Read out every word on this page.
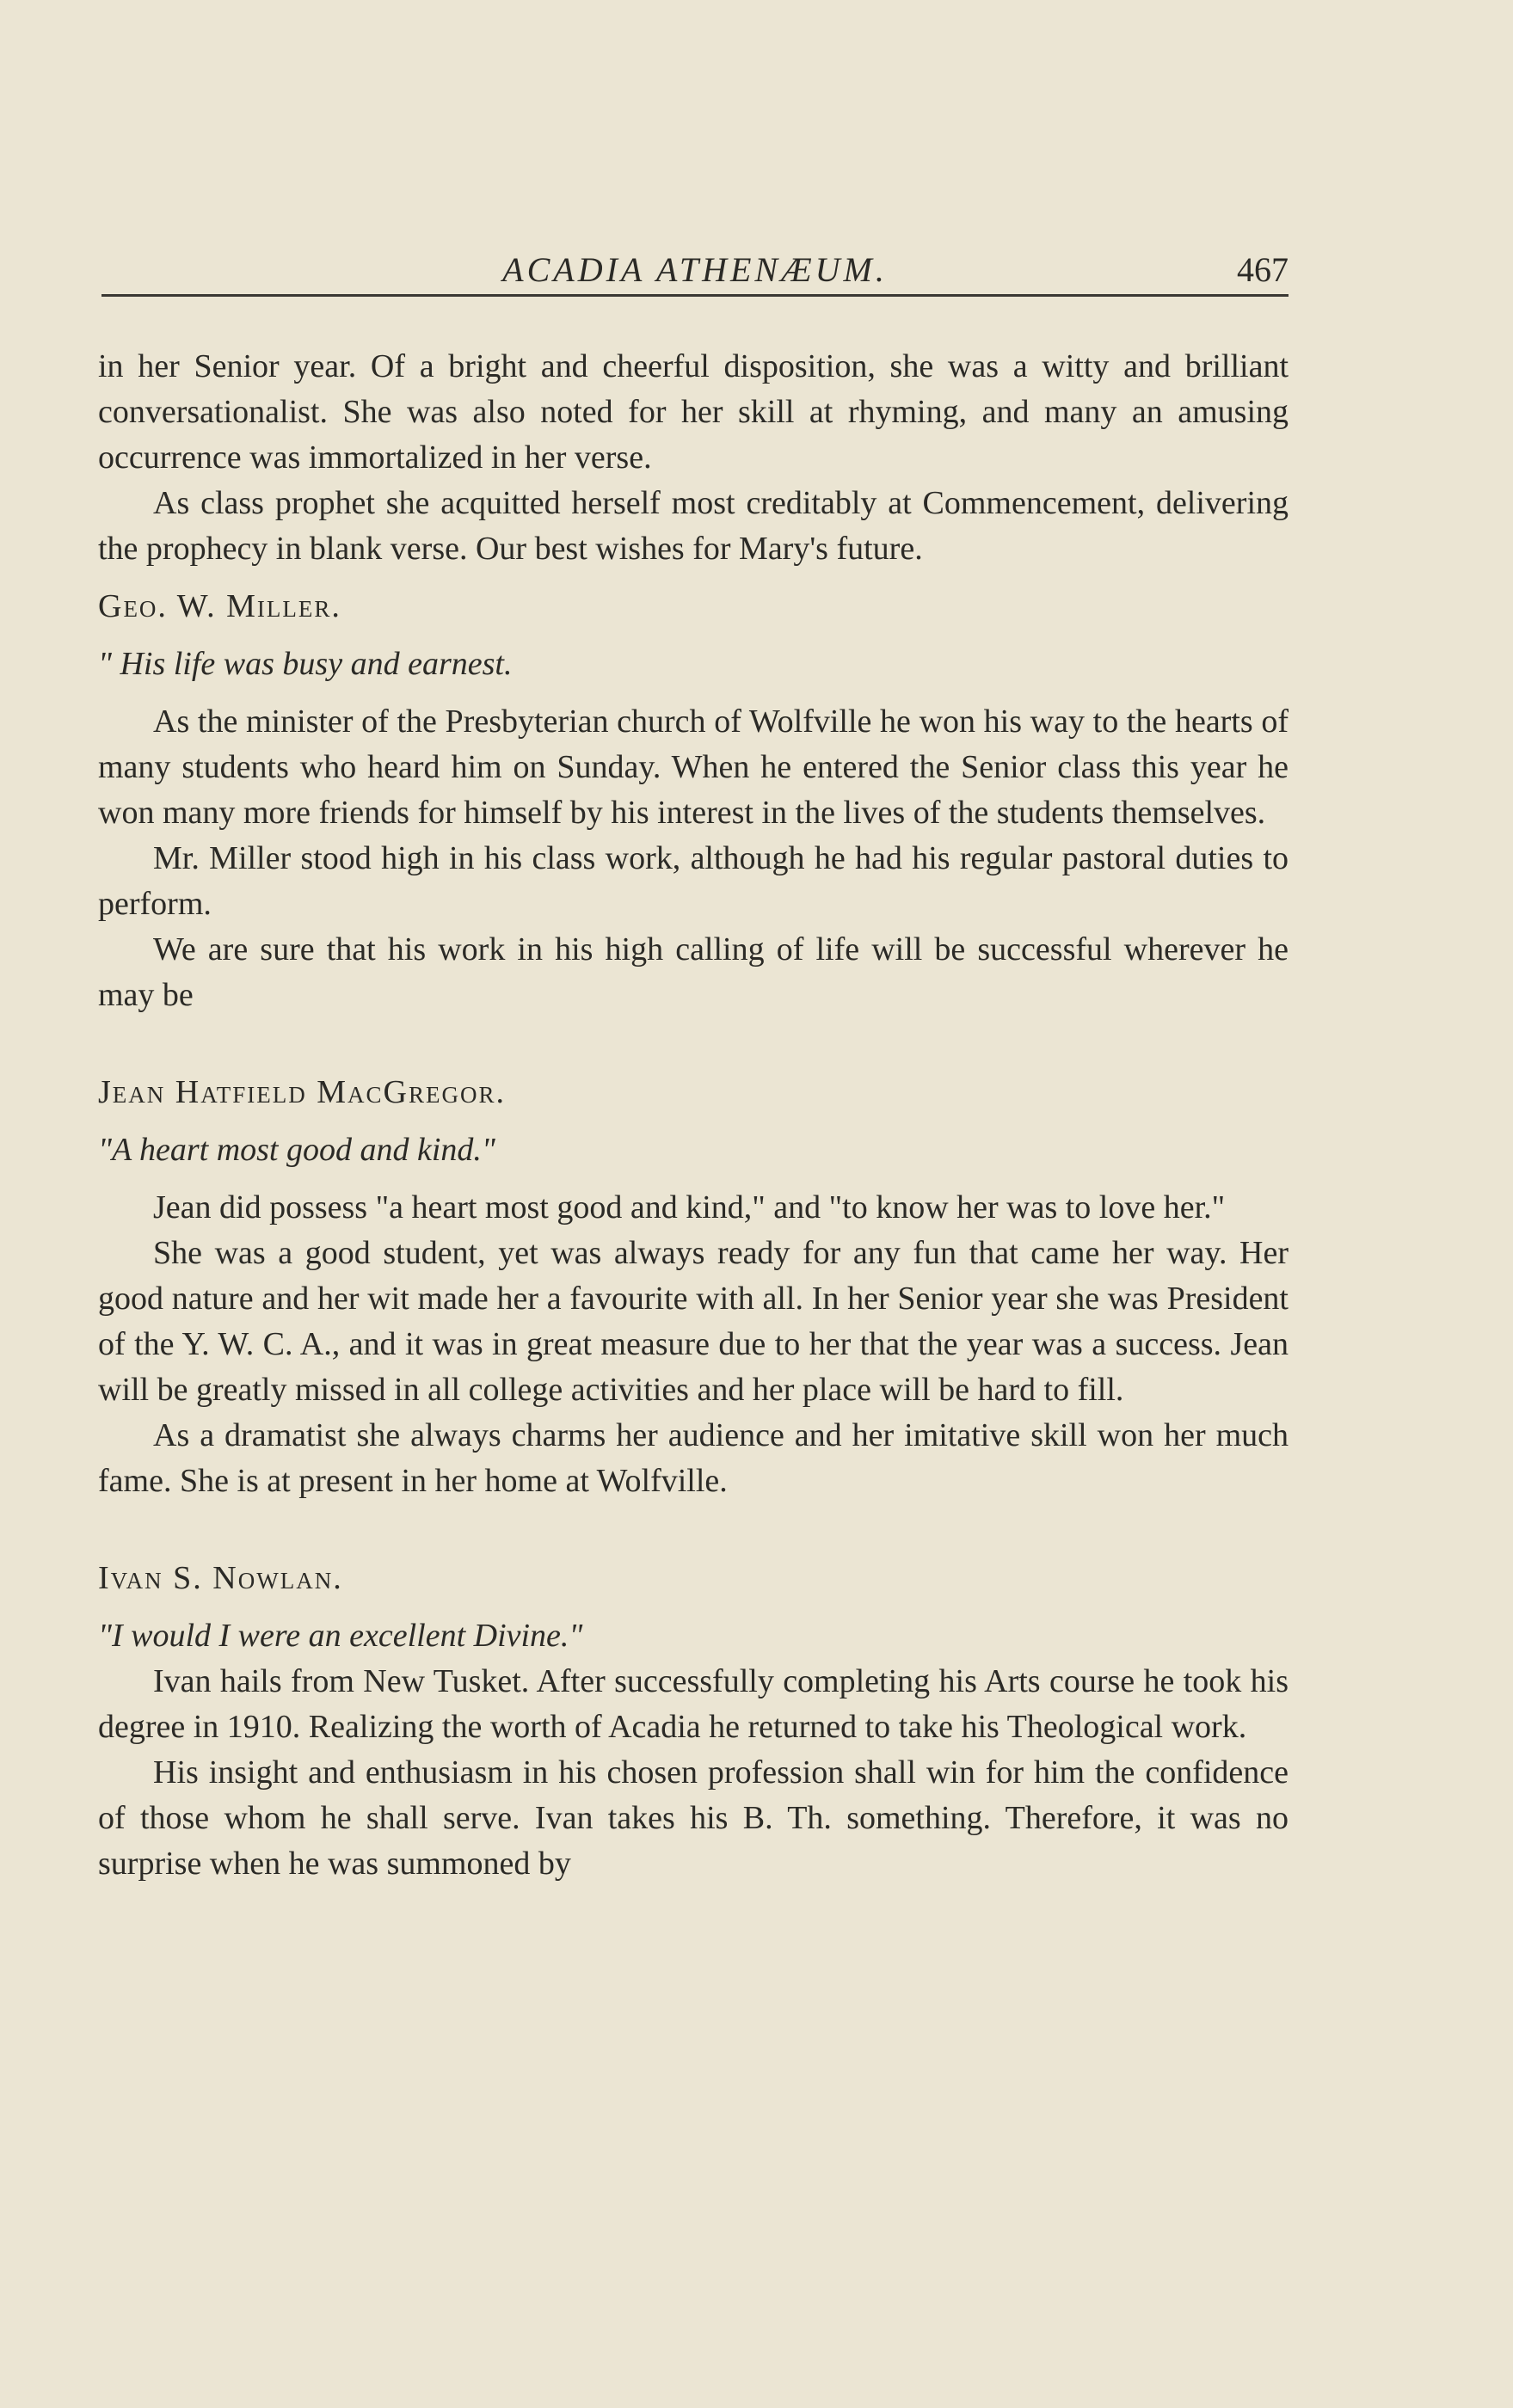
ACADIA ATHENÆUM.	467

in her Senior year. Of a bright and cheerful disposition, she was a witty and brilliant conversationalist. She was also noted for her skill at rhyming, and many an amusing occurrence was immortalized in her verse.

As class prophet she acquitted herself most creditably at Commencement, delivering the prophecy in blank verse. Our best wishes for Mary's future.

Geo. W. Miller.

" His life was busy and earnest.

As the minister of the Presbyterian church of Wolfville he won his way to the hearts of many students who heard him on Sunday. When he entered the Senior class this year he won many more friends for himself by his interest in the lives of the students themselves.

Mr. Miller stood high in his class work, although he had his regular pastoral duties to perform.

We are sure that his work in his high calling of life will be successful wherever he may be

Jean Hatfield MacGregor.

"A heart most good and kind."

Jean did possess "a heart most good and kind," and "to know her was to love her."

She was a good student, yet was always ready for any fun that came her way. Her good nature and her wit made her a favourite with all. In her Senior year she was President of the Y. W. C. A., and it was in great measure due to her that the year was a success. Jean will be greatly missed in all college activities and her place will be hard to fill.

As a dramatist she always charms her audience and her imitative skill won her much fame. She is at present in her home at Wolfville.

Ivan S. Nowlan.

"I would I were an excellent Divine."

Ivan hails from New Tusket. After successfully completing his Arts course he took his degree in 1910. Realizing the worth of Acadia he returned to take his Theological work.

His insight and enthusiasm in his chosen profession shall win for him the confidence of those whom he shall serve. Ivan takes his B. Th. something. Therefore, it was no surprise when he was summoned by
